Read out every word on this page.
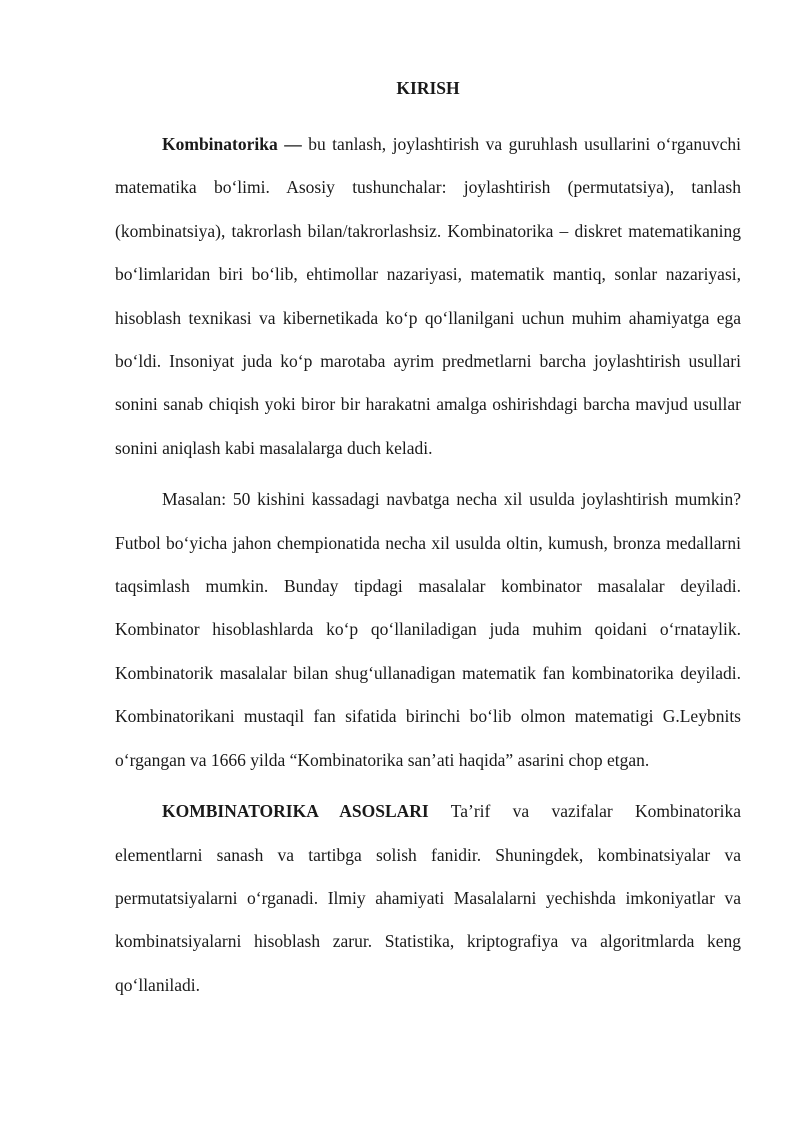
KIRISH

Kombinatorika — bu tanlash, joylashtirish va guruhlash usullarini o‘rganuvchi matematika bo‘limi. Asosiy tushunchalar: joylashtirish (permutatsiya), tanlash (kombinatsiya), takrorlash bilan/takrorlashsiz. Kombinatorika – diskret matematikaning bo‘limlaridan biri bo‘lib, ehtimollar nazariyasi, matematik mantiq, sonlar nazariyasi, hisoblash texnikasi va kibernetikada ko‘p qo‘llanilgani uchun muhim ahamiyatga ega bo‘ldi. Insoniyat juda ko‘p marotaba ayrim predmetlarni barcha joylashtirish usullari sonini sanab chiqish yoki biror bir harakatni amalga oshirishdagi barcha mavjud usullar sonini aniqlash kabi masalalarga duch keladi.

Masalan: 50 kishini kassadagi navbatga necha xil usulda joylashtirish mumkin? Futbol bo‘yicha jahon chempionatida necha xil usulda oltin, kumush, bronza medallarni taqsimlash mumkin. Bunday tipdagi masalalar kombinator masalalar deyiladi. Kombinator hisoblashlarda ko‘p qo‘llaniladigan juda muhim qoidani o‘rnataylik. Kombinatorik masalalar bilan shug‘ullanadigan matematik fan kombinatorika deyiladi. Kombinatorikani mustaqil fan sifatida birinchi bo‘lib olmon matematigi G.Leybnits o‘rgangan va 1666 yilda “Kombinatorika san’ati haqida” asarini chop etgan.

KOMBINATORIKA ASOSLARI Ta’rif va vazifalar Kombinatorika elementlarni sanash va tartibga solish fanidir. Shuningdek, kombinatsiyalar va permutatsiyalarni o‘rganadi. Ilmiy ahamiyati Masalalarni yechishda imkoniyatlar va kombinatsiyalarni hisoblash zarur. Statistika, kriptografiya va algoritmlarda keng qo‘llaniladi.
